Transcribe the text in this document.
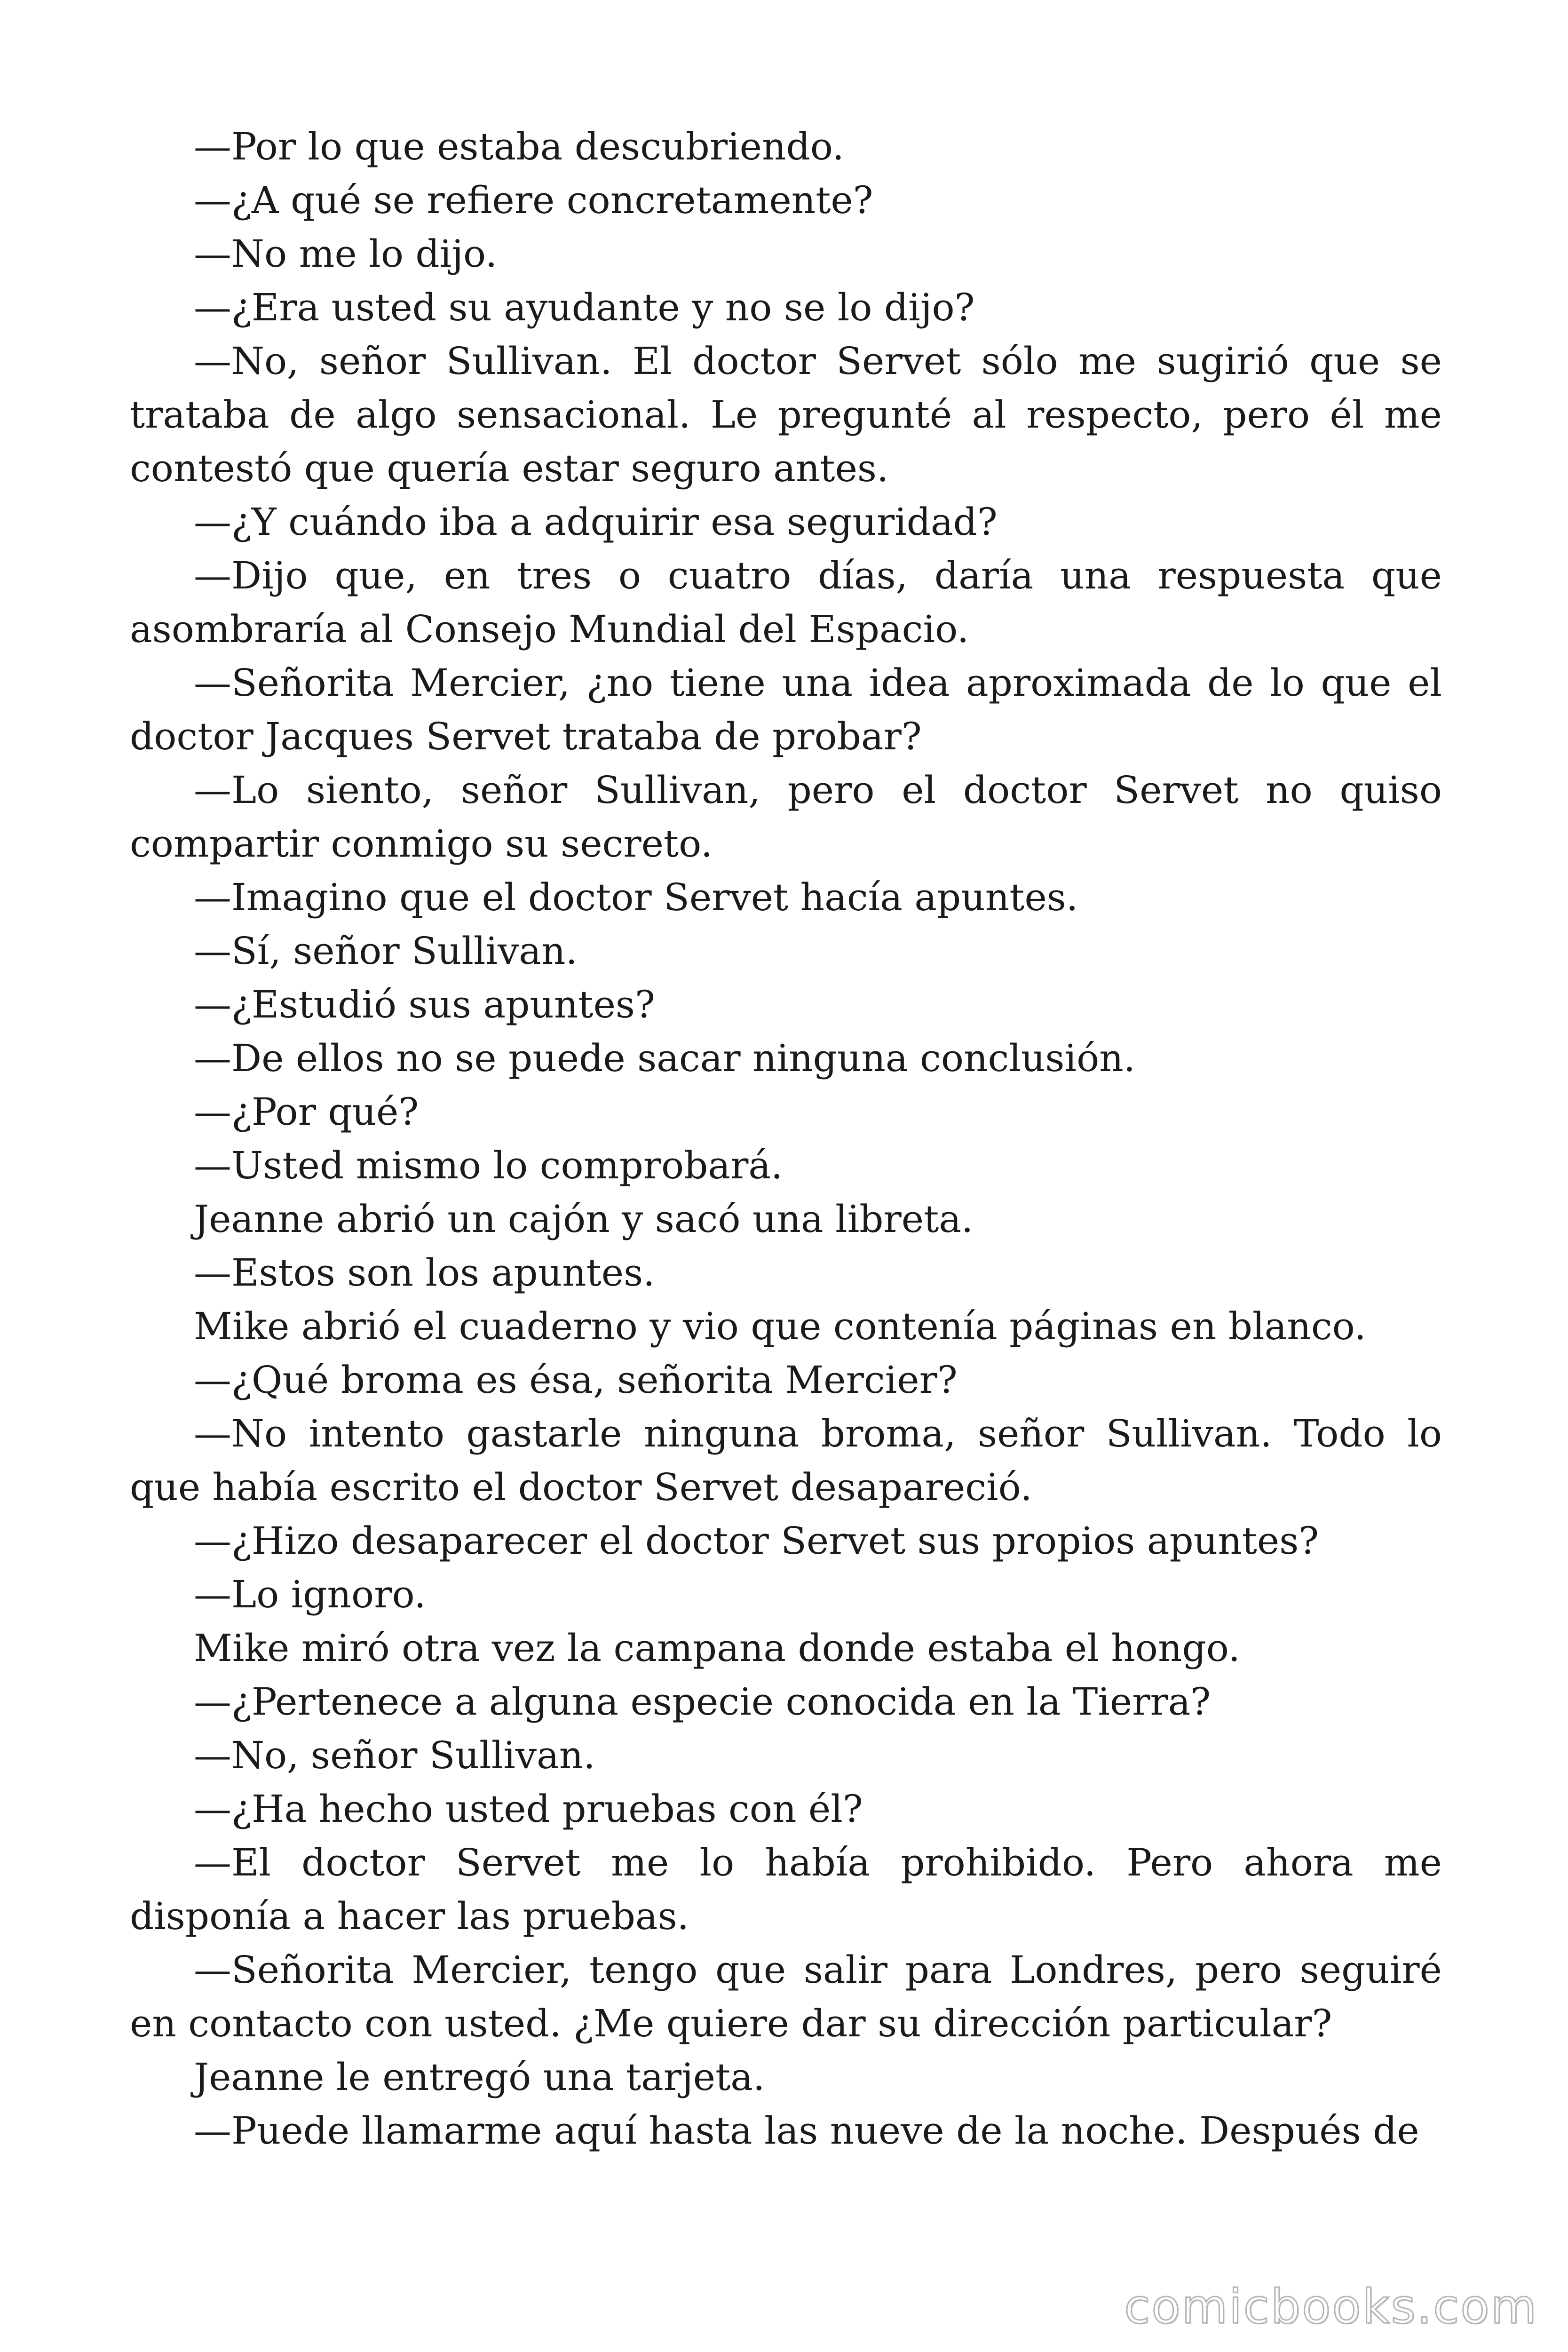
—Por lo que estaba descubriendo.

—¿A qué se refiere concretamente?

—No me lo dijo.

—¿Era usted su ayudante y no se lo dijo?

—No, señor Sullivan. El doctor Servet sólo me sugirió que se trataba de algo sensacional. Le pregunté al respecto, pero él me contestó que quería estar seguro antes.

—¿Y cuándo iba a adquirir esa seguridad?

—Dijo que, en tres o cuatro días, daría una respuesta que asombraría al Consejo Mundial del Espacio.

—Señorita Mercier, ¿no tiene una idea aproximada de lo que el doctor Jacques Servet trataba de probar?

—Lo siento, señor Sullivan, pero el doctor Servet no quiso compartir conmigo su secreto.

—Imagino que el doctor Servet hacía apuntes.

—Sí, señor Sullivan.

—¿Estudió sus apuntes?

—De ellos no se puede sacar ninguna conclusión.

—¿Por qué?

—Usted mismo lo comprobará.

Jeanne abrió un cajón y sacó una libreta.

—Estos son los apuntes.

Mike abrió el cuaderno y vio que contenía páginas en blanco.

—¿Qué broma es ésa, señorita Mercier?

—No intento gastarle ninguna broma, señor Sullivan. Todo lo que había escrito el doctor Servet desapareció.

—¿Hizo desaparecer el doctor Servet sus propios apuntes?

—Lo ignoro.

Mike miró otra vez la campana donde estaba el hongo.

—¿Pertenece a alguna especie conocida en la Tierra?

—No, señor Sullivan.

—¿Ha hecho usted pruebas con él?

—El doctor Servet me lo había prohibido. Pero ahora me disponía a hacer las pruebas.

—Señorita Mercier, tengo que salir para Londres, pero seguiré en contacto con usted. ¿Me quiere dar su dirección particular?

Jeanne le entregó una tarjeta.

—Puede llamarme aquí hasta las nueve de la noche. Después de

comicbooks.com
